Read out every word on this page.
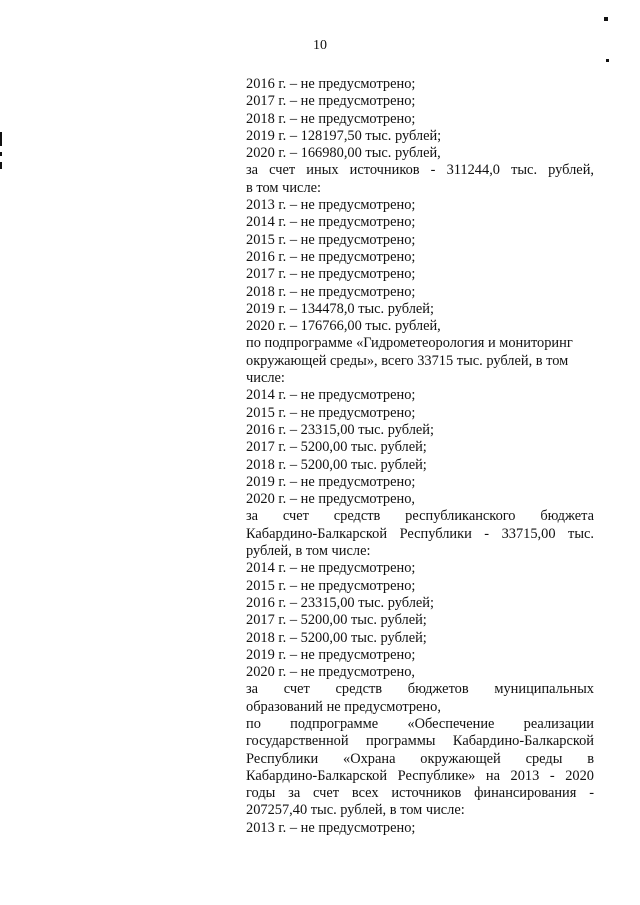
10
2016 г. – не предусмотрено;
2017 г. – не предусмотрено;
2018 г. – не предусмотрено;
2019 г. – 128197,50 тыс. рублей;
2020 г. – 166980,00 тыс. рублей,
за счет иных источников - 311244,0 тыс. рублей,
в том числе:
2013 г. – не предусмотрено;
2014 г. – не предусмотрено;
2015 г. – не предусмотрено;
2016 г. – не предусмотрено;
2017 г. – не предусмотрено;
2018 г. – не предусмотрено;
2019 г. – 134478,0 тыс. рублей;
2020 г. – 176766,00 тыс. рублей,
по подпрограмме «Гидрометеорология и мониторинг
окружающей среды», всего 33715 тыс. рублей, в том
числе:
2014 г. – не предусмотрено;
2015 г. – не предусмотрено;
2016 г. – 23315,00 тыс. рублей;
2017 г. – 5200,00 тыс. рублей;
2018 г. – 5200,00 тыс. рублей;
2019 г. – не предусмотрено;
2020 г. – не предусмотрено,
за счет средств республиканского бюджета
Кабардино-Балкарской Республики - 33715,00 тыс.
рублей, в том числе:
2014 г. – не предусмотрено;
2015 г. – не предусмотрено;
2016 г. – 23315,00 тыс. рублей;
2017 г. – 5200,00 тыс. рублей;
2018 г. – 5200,00 тыс. рублей;
2019 г. – не предусмотрено;
2020 г. – не предусмотрено,
за счет средств бюджетов муниципальных
образований не предусмотрено,
по подпрограмме «Обеспечение реализации
государственной программы Кабардино-Балкарской
Республики «Охрана окружающей среды в
Кабардино-Балкарской Республике» на 2013 - 2020
годы за счет всех источников финансирования -
207257,40 тыс. рублей, в том числе:
2013 г. – не предусмотрено;
